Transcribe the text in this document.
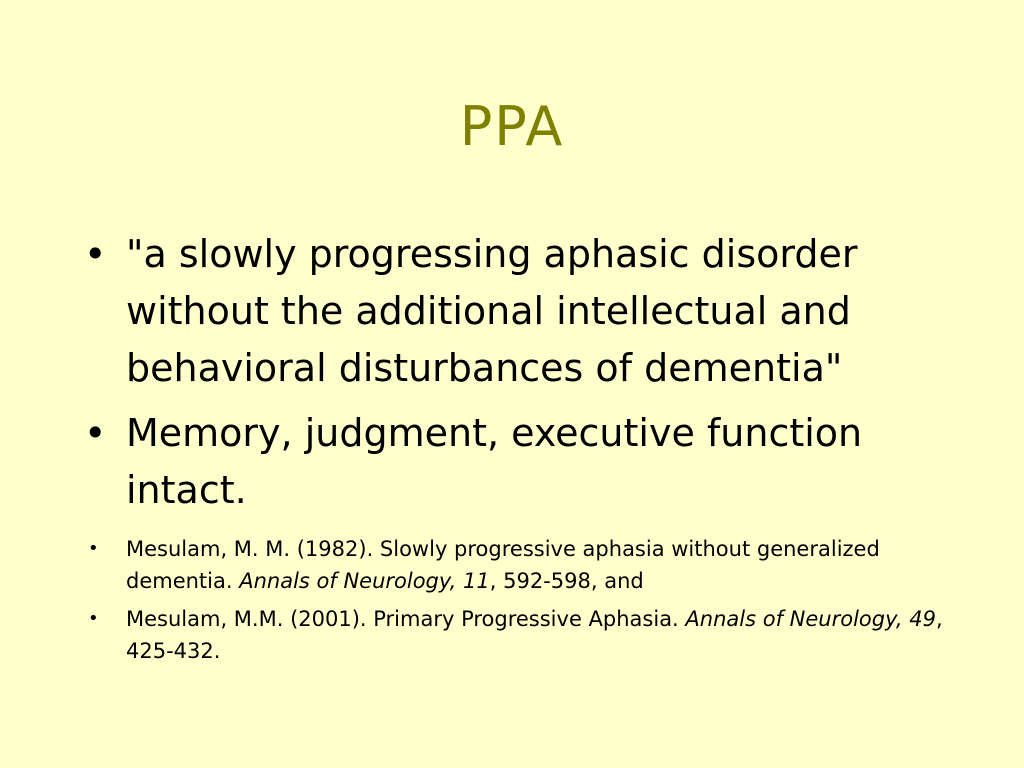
PPA
• "a slowly progressing aphasic disorder without the additional intellectual and behavioral disturbances of dementia"
• Memory, judgment, executive function intact.
• Mesulam, M. M. (1982). Slowly progressive aphasia without generalized dementia. Annals of Neurology, 11, 592-598, and
• Mesulam, M.M. (2001). Primary Progressive Aphasia. Annals of Neurology, 49, 425-432.
